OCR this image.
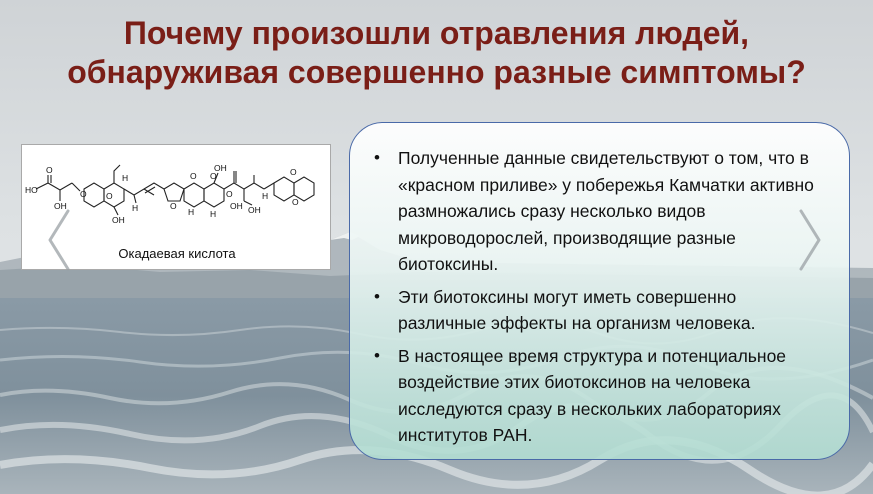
Почему произошли отравления людей,
обнаруживая совершенно разные симптомы?
O
HO
OH
O
OH
H
O
H
O
H
O O
OH
H	OH
H
OH
O
O
O
Окадаевая кислота
• Полученные данные свидетельствуют о том, что в «красном приливе» у побережья Камчатки активно размножались сразу несколько видов микроводорослей, производящие разные биотоксины.
• Эти биотоксины могут иметь совершенно различные эффекты на организм человека.
• В настоящее время структура и потенциальное воздействие этих биотоксинов на человека исследуются сразу в нескольких лабораториях институтов РАН.
